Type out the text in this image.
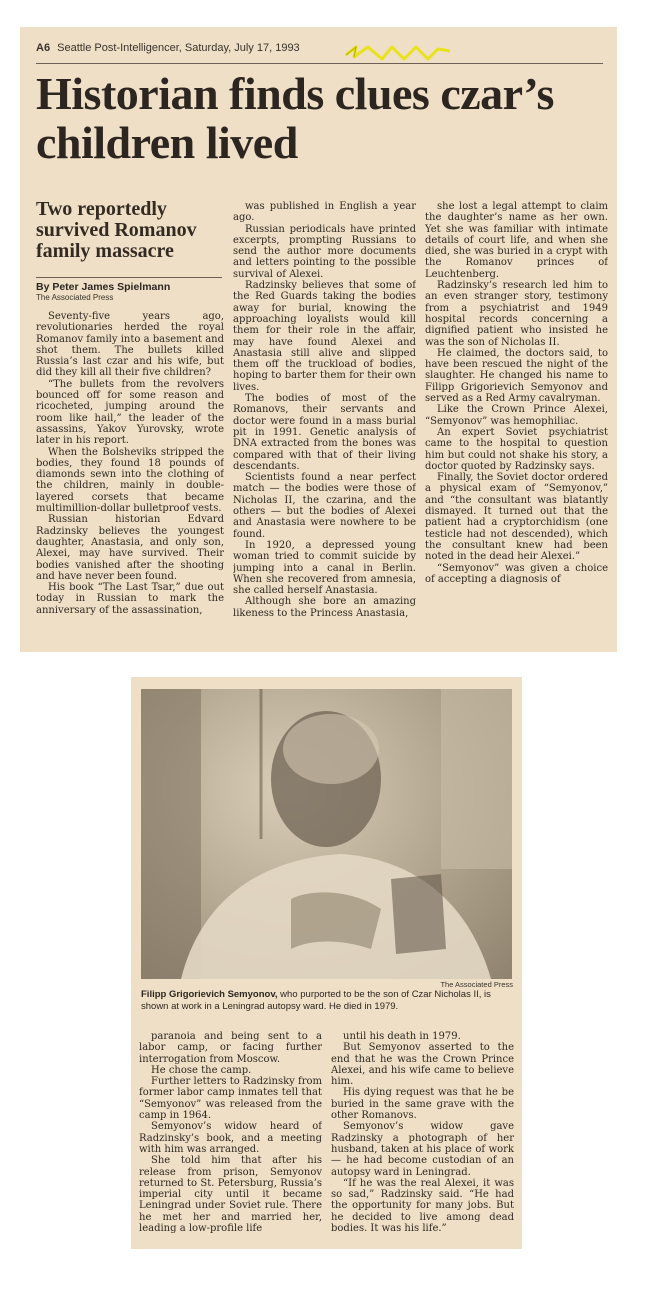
A6 Seattle Post-Intelligencer, Saturday, July 17, 1993
Historian finds clues czar’s children lived
Two reportedly survived Romanov family massacre
By Peter James Spielmann
The Associated Press

Seventy-five years ago, revolutionaries herded the royal Romanov family into a basement and shot them. The bullets killed Russia’s last czar and his wife, but did they kill all their five children?

“The bullets from the revolvers bounced off for some reason and ricocheted, jumping around the room like hail,” the leader of the assassins, Yakov Yurovsky, wrote later in his report.

When the Bolsheviks stripped the bodies, they found 18 pounds of diamonds sewn into the clothing of the children, mainly in double-layered corsets that became multimillion-dollar bulletproof vests.

Russian historian Edvard Radzinsky believes the youngest daughter, Anastasia, and only son, Alexei, may have survived. Their bodies vanished after the shooting and have never been found.

His book “The Last Tsar,” due out today in Russian to mark the anniversary of the assassination,

was published in English a year ago.

Russian periodicals have printed excerpts, prompting Russians to send the author more documents and letters pointing to the possible survival of Alexei.

Radzinsky believes that some of the Red Guards taking the bodies away for burial, knowing the approaching loyalists would kill them for their role in the affair, may have found Alexei and Anastasia still alive and slipped them off the truckload of bodies, hoping to barter them for their own lives.

The bodies of most of the Romanovs, their servants and doctor were found in a mass burial pit in 1991. Genetic analysis of DNA extracted from the bones was compared with that of their living descendants.

Scientists found a near perfect match — the bodies were those of Nicholas II, the czarina, and the others — but the bodies of Alexei and Anastasia were nowhere to be found.

In 1920, a depressed young woman tried to commit suicide by jumping into a canal in Berlin. When she recovered from amnesia, she called herself Anastasia.

Although she bore an amazing likeness to the Princess Anastasia,

she lost a legal attempt to claim the daughter’s name as her own. Yet she was familiar with intimate details of court life, and when she died, she was buried in a crypt with the Romanov princes of Leuchtenberg.

Radzinsky’s research led him to an even stranger story, testimony from a psychiatrist and 1949 hospital records concerning a dignified patient who insisted he was the son of Nicholas II.

He claimed, the doctors said, to have been rescued the night of the slaughter. He changed his name to Filipp Grigorievich Semyonov and served as a Red Army cavalryman.

Like the Crown Prince Alexei, “Semyonov” was hemophiliac.

An expert Soviet psychiatrist came to the hospital to question him but could not shake his story, a doctor quoted by Radzinsky says.

Finally, the Soviet doctor ordered a physical exam of “Semyonov,” and “the consultant was blatantly dismayed. It turned out that the patient had a cryptorchidism (one testicle had not descended), which the consultant knew had been noted in the dead heir Alexei.”

“Semyonov” was given a choice of accepting a diagnosis of

The Associated Press

Filipp Grigorievich Semyonov, who purported to be the son of Czar Nicholas II, is shown at work in a Leningrad autopsy ward. He died in 1979.

paranoia and being sent to a labor camp, or facing further interrogation from Moscow.

He chose the camp.

Further letters to Radzinsky from former labor camp inmates tell that “Semyonov” was released from the camp in 1964.

Semyonov’s widow heard of Radzinsky’s book, and a meeting with him was arranged.

She told him that after his release from prison, Semyonov returned to St. Petersburg, Russia’s imperial city until it became Leningrad under Soviet rule. There he met her and married her, leading a low-profile life

until his death in 1979.

But Semyonov asserted to the end that he was the Crown Prince Alexei, and his wife came to believe him.

His dying request was that he be buried in the same grave with the other Romanovs.

Semyonov’s widow gave Radzinsky a photograph of her husband, taken at his place of work — he had become custodian of an autopsy ward in Leningrad.

“If he was the real Alexei, it was so sad,” Radzinsky said. “He had the opportunity for many jobs. But he decided to live among dead bodies. It was his life.”
